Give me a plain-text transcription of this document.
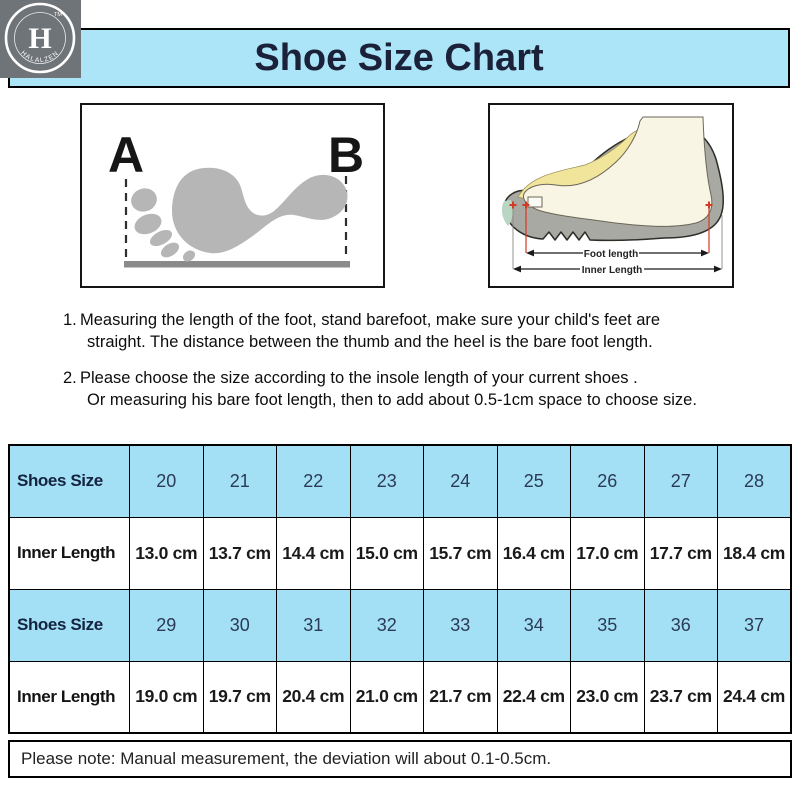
Shoe Size Chart
H
TM
HALALZEN
A	B
Foot length
Inner Length
1. Measuring the length of the foot, stand barefoot, make sure your child's feet are
straight. The distance between the thumb and the heel is the bare foot length.
2. Please choose the size according to the insole length of your current shoes .
Or measuring his bare foot length, then to add about 0.5-1cm space to choose size.
Shoes Size	20	21	22	23	24	25	26	27	28
Inner Length	13.0 cm	13.7 cm	14.4 cm	15.0 cm	15.7 cm	16.4 cm	17.0 cm	17.7 cm	18.4 cm
Shoes Size	29	30	31	32	33	34	35	36	37
Inner Length	19.0 cm	19.7 cm	20.4 cm	21.0 cm	21.7 cm	22.4 cm	23.0 cm	23.7 cm	24.4 cm
Please note: Manual measurement, the deviation will about 0.1-0.5cm.
